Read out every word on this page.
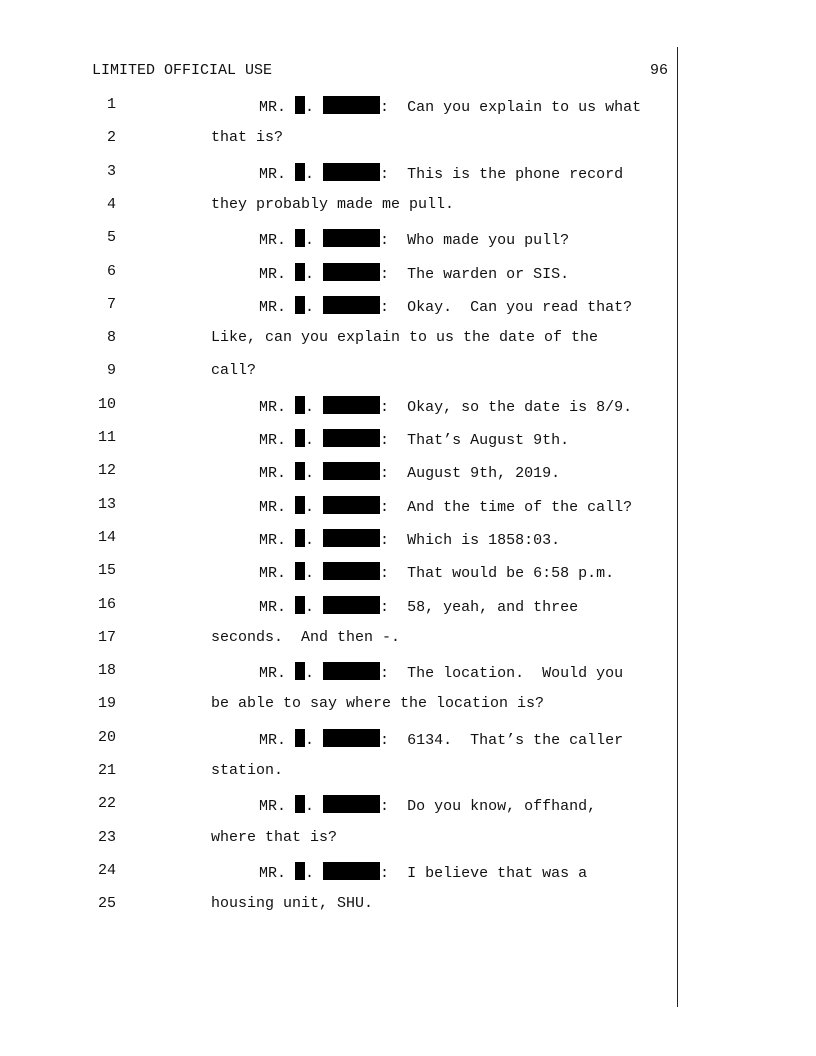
LIMITED OFFICIAL USE	96
1	MR. .	:  Can you explain to us what
2	that is?
3	MR. .	:  This is the phone record
4	they probably made me pull.
5	MR. .	:  Who made you pull?
6	MR. .	:  The warden or SIS.
7	MR. .	:  Okay.  Can you read that?
8	Like, can you explain to us the date of the
9	call?
10	MR. .	:  Okay, so the date is 8/9.
11	MR. .	:  That’s August 9th.
12	MR. .	:  August 9th, 2019.
13	MR. .	:  And the time of the call?
14	MR. .	:  Which is 1858:03.
15	MR. .	:  That would be 6:58 p.m.
16	MR. .	:  58, yeah, and three
17	seconds.  And then -.
18	MR. .	:  The location.  Would you
19	be able to say where the location is?
20	MR. .	:  6134.  That’s the caller
21	station.
22	MR. .	:  Do you know, offhand,
23	where that is?
24	MR. .	:  I believe that was a
25	housing unit, SHU.
